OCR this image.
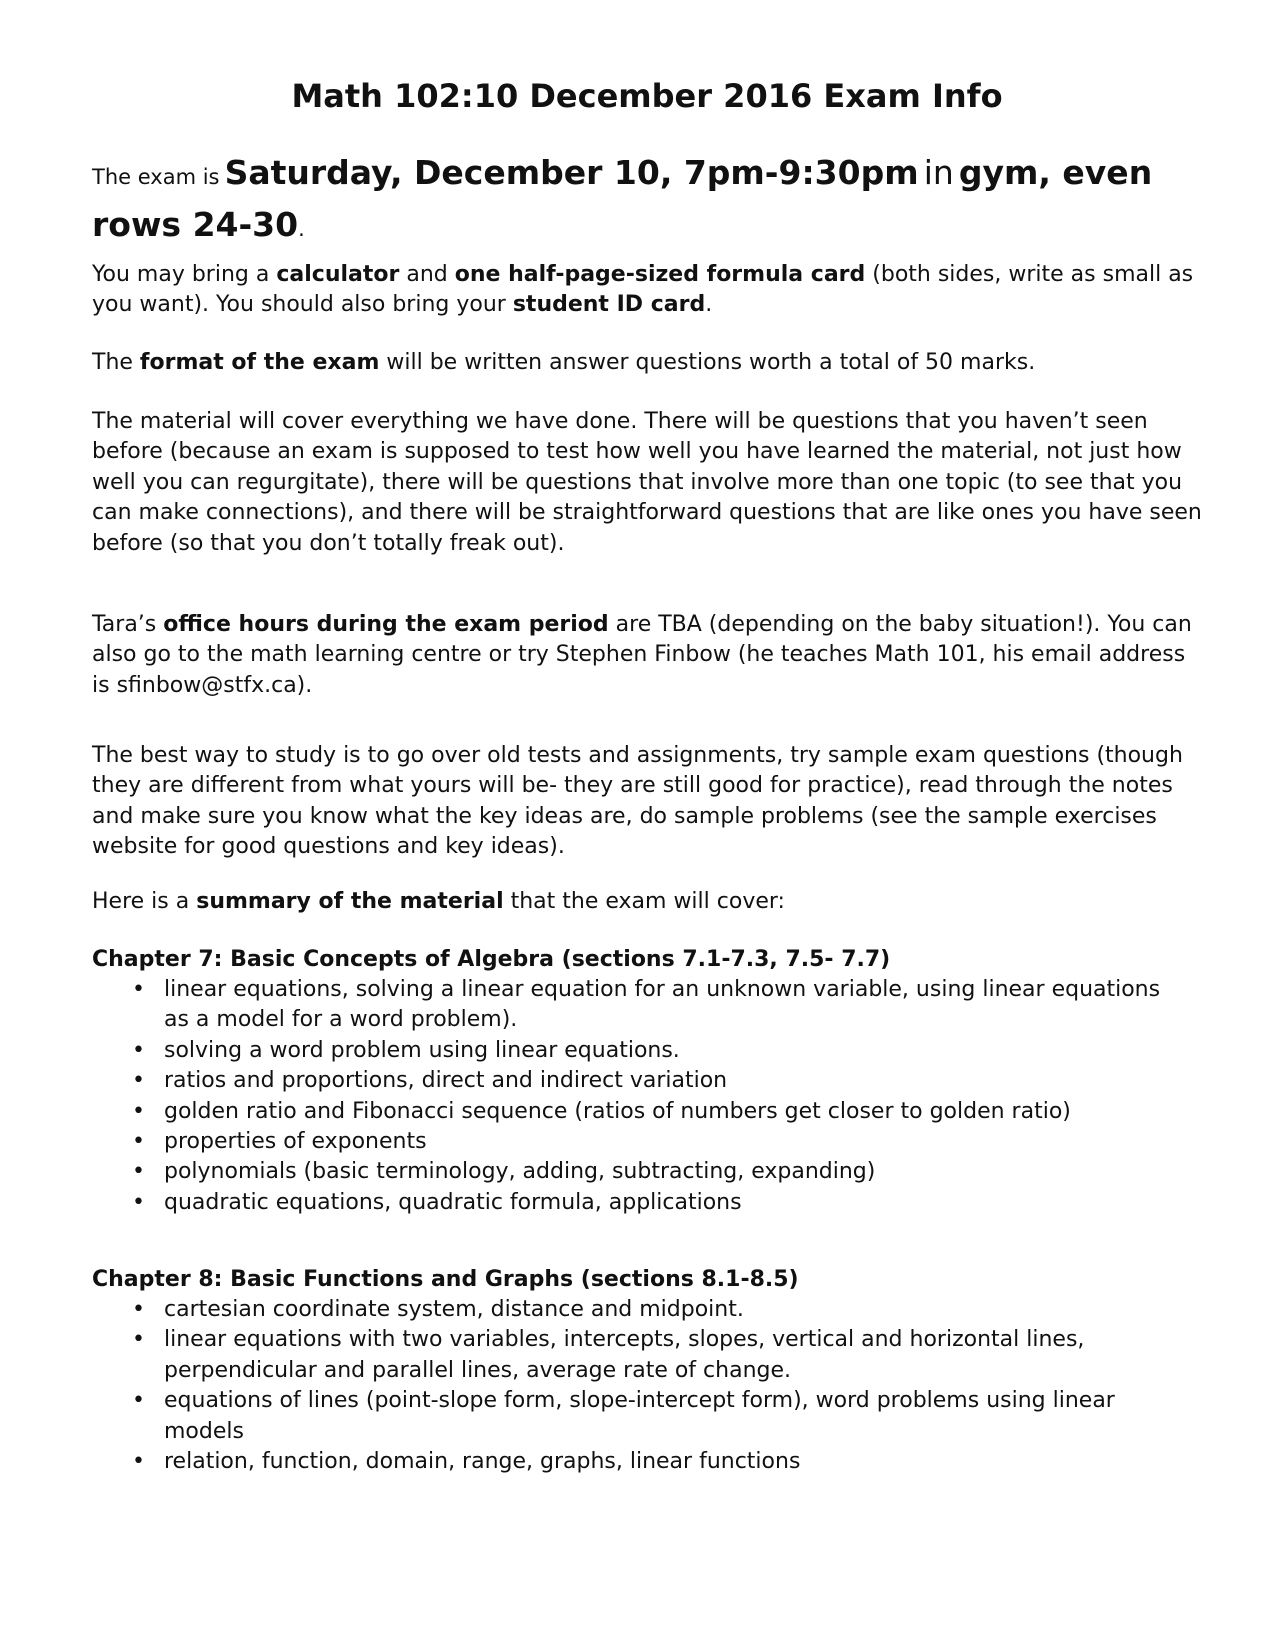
Math 102:10 December 2016 Exam Info

The exam is Saturday, December 10, 7pm-9:30pm in gym, even rows 24-30.

You may bring a calculator and one half-page-sized formula card (both sides, write as small as you want). You should also bring your student ID card.

The format of the exam will be written answer questions worth a total of 50 marks.

The material will cover everything we have done. There will be questions that you haven’t seen before (because an exam is supposed to test how well you have learned the material, not just how well you can regurgitate), there will be questions that involve more than one topic (to see that you can make connections), and there will be straightforward questions that are like ones you have seen before (so that you don’t totally freak out).

Tara’s office hours during the exam period are TBA (depending on the baby situation!). You can also go to the math learning centre or try Stephen Finbow (he teaches Math 101, his email address is sfinbow@stfx.ca).

The best way to study is to go over old tests and assignments, try sample exam questions (though they are different from what yours will be- they are still good for practice), read through the notes and make sure you know what the key ideas are, do sample problems (see the sample exercises website for good questions and key ideas).

Here is a summary of the material that the exam will cover:

Chapter 7: Basic Concepts of Algebra (sections 7.1-7.3, 7.5- 7.7)

• linear equations, solving a linear equation for an unknown variable, using linear equations as a model for a word problem).
• solving a word problem using linear equations.
• ratios and proportions, direct and indirect variation
• golden ratio and Fibonacci sequence (ratios of numbers get closer to golden ratio)
• properties of exponents
• polynomials (basic terminology, adding, subtracting, expanding)
• quadratic equations, quadratic formula, applications

Chapter 8: Basic Functions and Graphs (sections 8.1-8.5)

• cartesian coordinate system, distance and midpoint.
• linear equations with two variables, intercepts, slopes, vertical and horizontal lines, perpendicular and parallel lines, average rate of change.
• equations of lines (point-slope form, slope-intercept form), word problems using linear models
• relation, function, domain, range, graphs, linear functions
